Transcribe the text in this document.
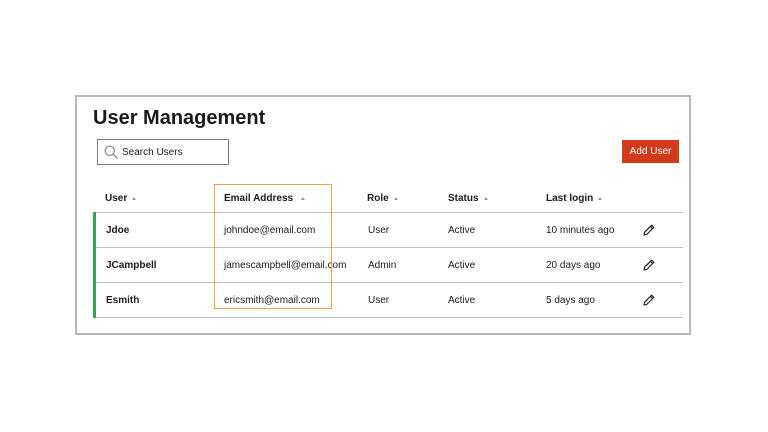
User Management
Search Users
Add User
User	Email Address	Role	Status	Last login
Jdoe	johndoe@email.com	User	Active	10 minutes ago
JCampbell	jamescampbell@email.com Admin	Active	20 days ago
Esmith	ericsmith@email.com	User	Active	5 days ago
